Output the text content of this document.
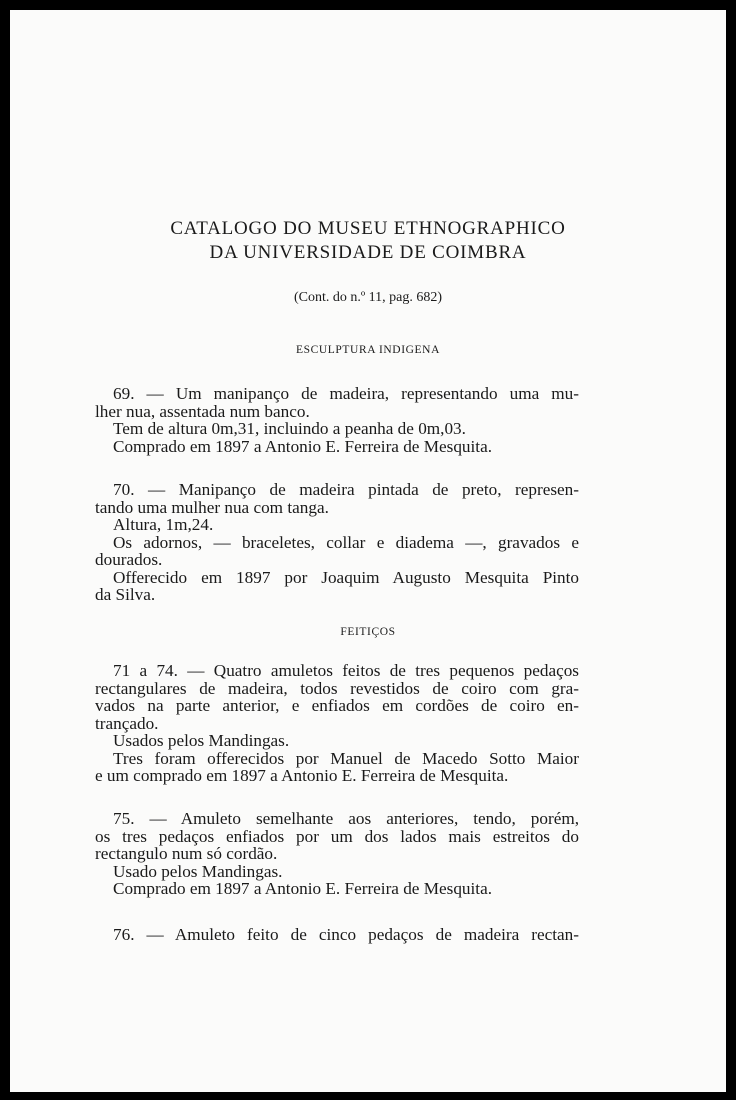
CATALOGO DO MUSEU ETHNOGRAPHICO
DA UNIVERSIDADE DE COIMBRA
(Cont. do n.º 11, pag. 682)
ESCULPTURA INDIGENA

69. — Um manipanço de madeira, representando uma mu-

lher nua, assentada num banco.

Tem de altura 0m,31, incluindo a peanha de 0m,03.

Comprado em 1897 a Antonio E. Ferreira de Mesquita.

70. — Manipanço de madeira pintada de preto, represen-

tando uma mulher nua com tanga.

Altura, 1m,24.

Os adornos, — braceletes, collar e diadema —, gravados e

dourados.

Offerecido em 1897 por Joaquim Augusto Mesquita Pinto

da Silva.

FEITIÇOS

71 a 74. — Quatro amuletos feitos de tres pequenos pedaços

rectangulares de madeira, todos revestidos de coiro com gra-

vados na parte anterior, e enfiados em cordões de coiro en-

trançado.

Usados pelos Mandingas.

Tres foram offerecidos por Manuel de Macedo Sotto Maior

e um comprado em 1897 a Antonio E. Ferreira de Mesquita.

75. — Amuleto semelhante aos anteriores, tendo, porém,

os tres pedaços enfiados por um dos lados mais estreitos do

rectangulo num só cordão.

Usado pelos Mandingas.

Comprado em 1897 a Antonio E. Ferreira de Mesquita.

76. — Amuleto feito de cinco pedaços de madeira rectan-
